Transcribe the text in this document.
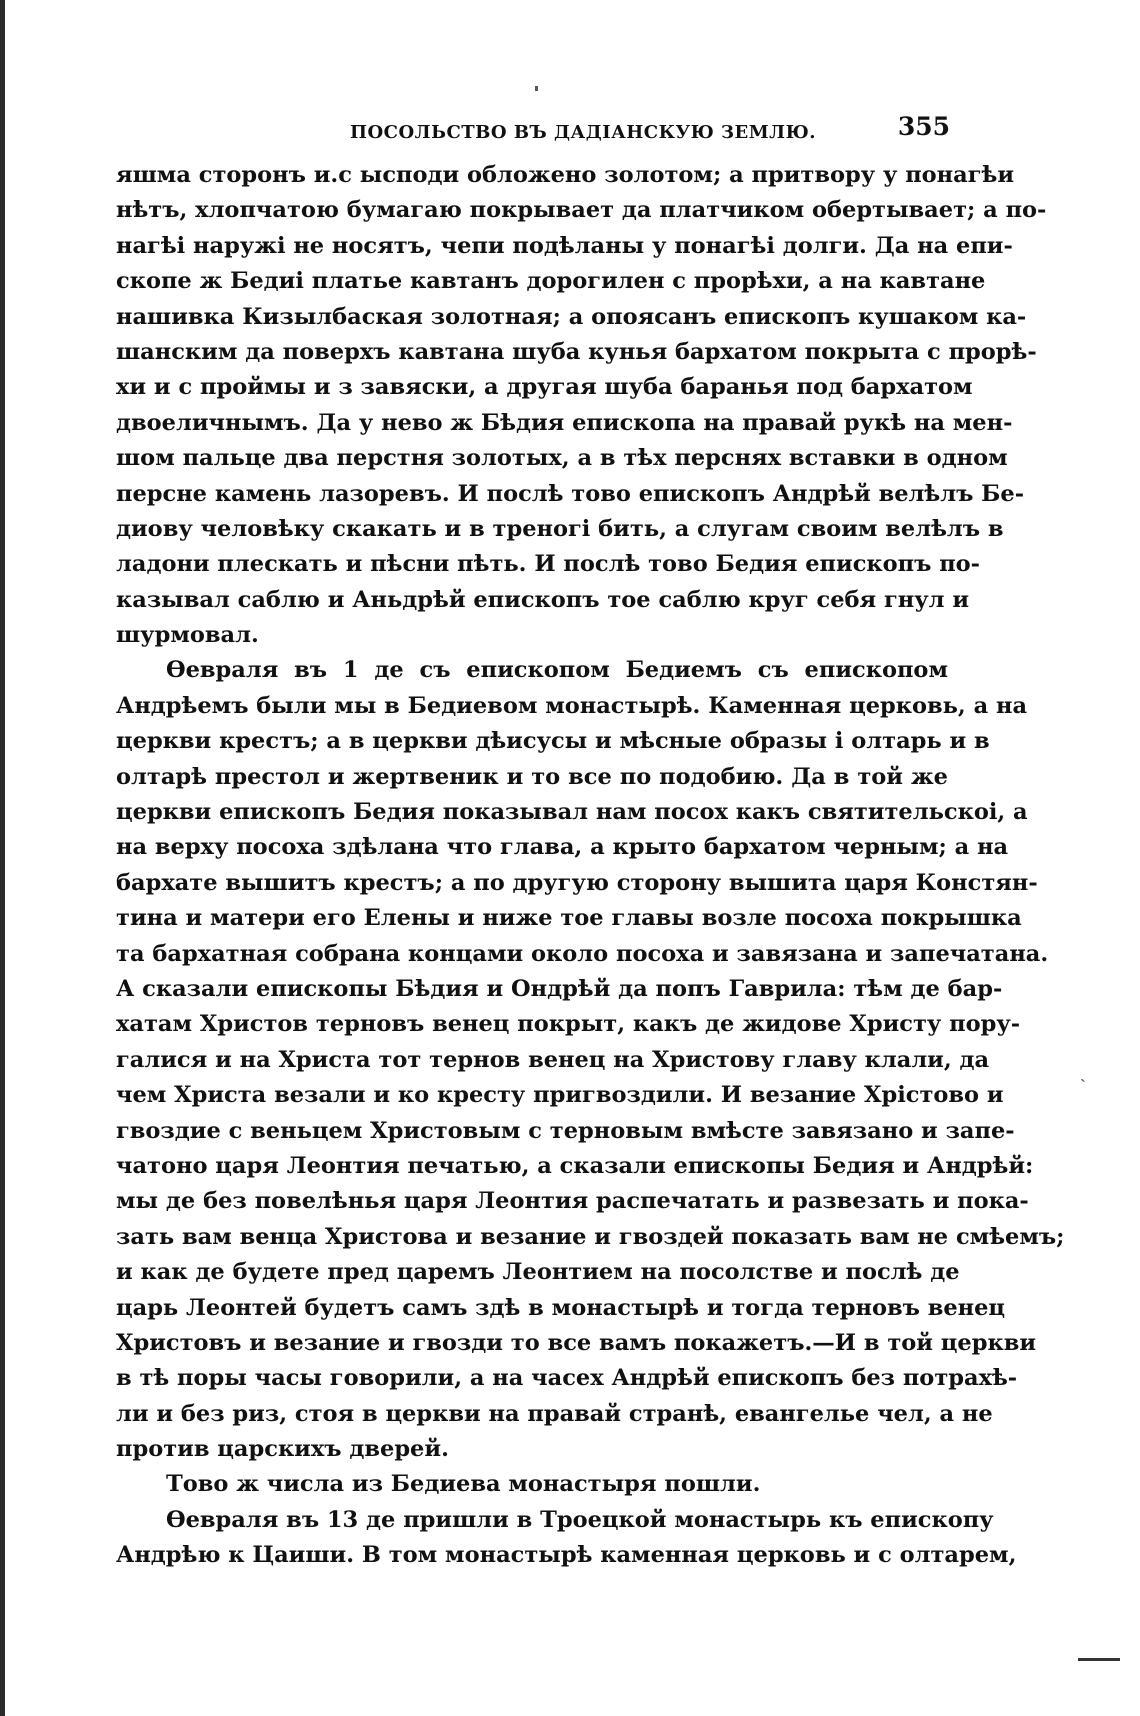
ПОСОЛЬСТВО ВЪ ДАДІАНСКУЮ ЗЕМЛЮ.	355
яшма сторонъ и.с ысподи обложено золотом; а притвору у понагѣи
нѣтъ, хлопчатою бумагаю покрывает да платчиком обертывает; а по-
нагѣі наружі не носятъ, чепи подѣланы у понагѣі долги. Да на епи-
скопе ж Бедиі платье кавтанъ дорогилен с прорѣхи, а на кавтане
нашивка Кизылбаская золотная; а опоясанъ епископъ кушаком ка-
шанским да поверхъ кавтана шуба кунья бархатом покрыта с прорѣ-
хи и с проймы и з завяски, а другая шуба баранья под бархатом
двоеличнымъ. Да у нево ж Бѣдия епископа на правай рукѣ на мен-
шом пальце два перстня золотых, а в тѣх перснях вставки в одном
персне камень лазоревъ. И послѣ тово епископъ Андрѣй велѣлъ Бе-
диову человѣку скакать и в треногі бить, а слугам своим велѣлъ в
ладони плескать и пѣсни пѣть. И послѣ тово Бедия епископъ по-
казывал саблю и Аньдрѣй епископъ тое саблю круг себя гнул и
шурмовал.
Ѳевраля въ 1 де съ епископом Бедиемъ съ епископом
Андрѣемъ были мы в Бедиевом монастырѣ. Каменная церковь, а на
церкви крестъ; а в церкви дѣисусы и мѣсные образы і олтарь и в
олтарѣ престол и жертвеник и то все по подобию. Да в той же
церкви епископъ Бедия показывал нам посох какъ святительскоі, а
на верху посоха здѣлана что глава, а крыто бархатом черным; а на
бархате вышитъ крестъ; а по другую сторону вышита царя Констян-
тина и матери его Елены и ниже тое главы возле посоха покрышка
та бархатная собрана концами около посоха и завязана и запечатана.
А сказали епископы Бѣдия и Ондрѣй да попъ Гаврила: тѣм де бар-
хатам Христов терновъ венец покрыт, какъ де жидове Христу пору-
галися и на Христа тот тернов венец на Христову главу клали, да
чем Христа везали и ко кресту пригвоздили. И везание Хрістово и
гвоздие с веньцем Христовым с терновым вмѣсте завязано и запе-
чатоно царя Леонтия печатью, а сказали епископы Бедия и Андрѣй:
мы де без повелѣнья царя Леонтия распечатать и развезать и пока-
зать вам венца Христова и везание и гвоздей показать вам не смѣемъ;
и как де будете пред царемъ Леонтием на посолстве и послѣ де
царь Леонтей будетъ самъ здѣ в монастырѣ и тогда терновъ венец
Христовъ и везание и гвозди то все вамъ покажетъ.—И в той церкви
в тѣ поры часы говорили, а на часех Андрѣй епископъ без потрахѣ-
ли и без риз, стоя в церкви на правай странѣ, евангелье чел, а не
против царскихъ дверей.
Тово ж числа из Бедиева монастыря пошли.
Ѳевраля въ 13 де пришли в Троецкой монастырь къ епископу
Андрѣю к Цаиши. В том монастырѣ каменная церковь и с олтарем,
ˏ
